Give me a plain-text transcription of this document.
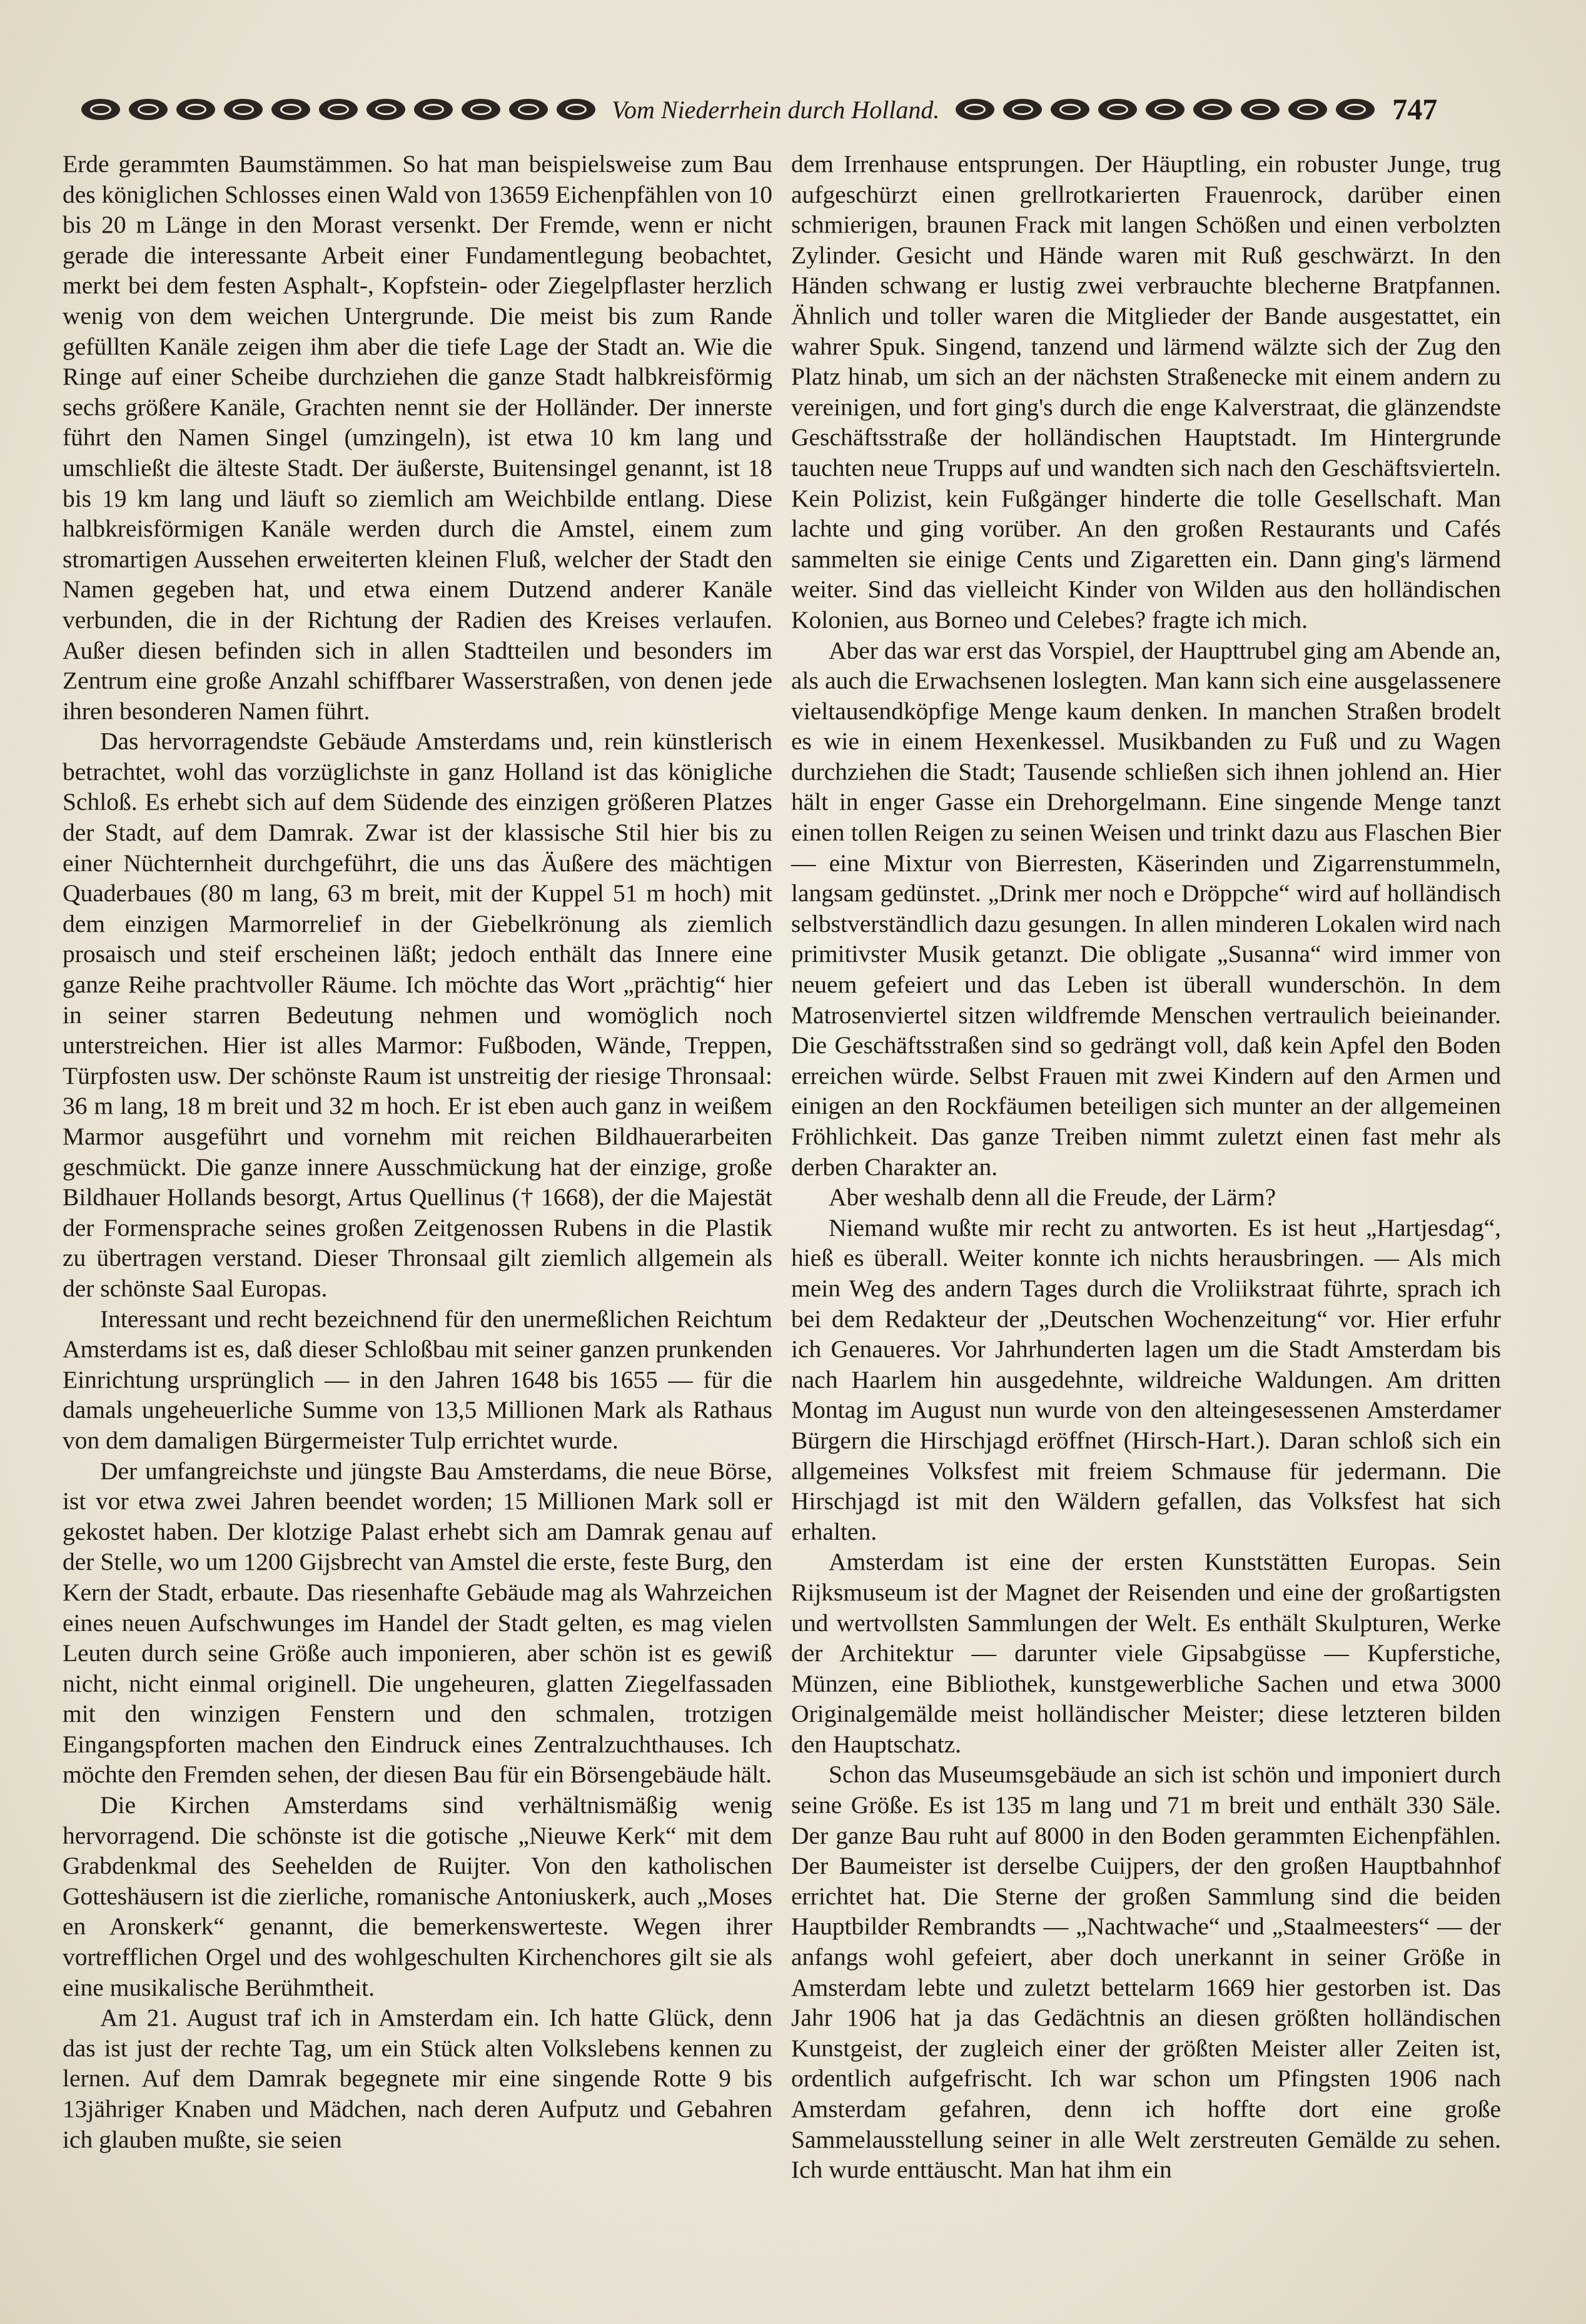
Vom Niederrhein durch Holland.	747

Erde gerammten Baumstämmen. So hat man beispielsweise zum Bau des königlichen Schlosses einen Wald von 13659 Eichenpfählen von 10 bis 20 m Länge in den Morast versenkt. Der Fremde, wenn er nicht gerade die interessante Arbeit einer Fundamentlegung beobachtet, merkt bei dem festen Asphalt-, Kopfstein- oder Ziegelpflaster herzlich wenig von dem weichen Untergrunde. Die meist bis zum Rande gefüllten Kanäle zeigen ihm aber die tiefe Lage der Stadt an. Wie die Ringe auf einer Scheibe durchziehen die ganze Stadt halbkreisförmig sechs größere Kanäle, Grachten nennt sie der Holländer. Der innerste führt den Namen Singel (umzingeln), ist etwa 10 km lang und umschließt die älteste Stadt. Der äußerste, Buitensingel genannt, ist 18 bis 19 km lang und läuft so ziemlich am Weichbilde entlang. Diese halbkreisförmigen Kanäle werden durch die Amstel, einem zum stromartigen Aussehen erweiterten kleinen Fluß, welcher der Stadt den Namen gegeben hat, und etwa einem Dutzend anderer Kanäle verbunden, die in der Richtung der Radien des Kreises verlaufen. Außer diesen befinden sich in allen Stadtteilen und besonders im Zentrum eine große Anzahl schiffbarer Wasserstraßen, von denen jede ihren besonderen Namen führt.

Das hervorragendste Gebäude Amsterdams und, rein künstlerisch betrachtet, wohl das vorzüglichste in ganz Holland ist das königliche Schloß. Es erhebt sich auf dem Südende des einzigen größeren Platzes der Stadt, auf dem Damrak. Zwar ist der klassische Stil hier bis zu einer Nüchternheit durchgeführt, die uns das Äußere des mächtigen Quaderbaues (80 m lang, 63 m breit, mit der Kuppel 51 m hoch) mit dem einzigen Marmorrelief in der Giebelkrönung als ziemlich prosaisch und steif erscheinen läßt; jedoch enthält das Innere eine ganze Reihe prachtvoller Räume. Ich möchte das Wort „prächtig“ hier in seiner starren Bedeutung nehmen und womöglich noch unterstreichen. Hier ist alles Marmor: Fußboden, Wände, Treppen, Türpfosten usw. Der schönste Raum ist unstreitig der riesige Thronsaal: 36 m lang, 18 m breit und 32 m hoch. Er ist eben auch ganz in weißem Marmor ausgeführt und vornehm mit reichen Bildhauerarbeiten geschmückt. Die ganze innere Ausschmückung hat der einzige, große Bildhauer Hollands besorgt, Artus Quellinus († 1668), der die Majestät der Formensprache seines großen Zeitgenossen Rubens in die Plastik zu übertragen verstand. Dieser Thronsaal gilt ziemlich allgemein als der schönste Saal Europas.

Interessant und recht bezeichnend für den unermeßlichen Reichtum Amsterdams ist es, daß dieser Schloßbau mit seiner ganzen prunkenden Einrichtung ursprünglich — in den Jahren 1648 bis 1655 — für die damals ungeheuerliche Summe von 13,5 Millionen Mark als Rathaus von dem damaligen Bürgermeister Tulp errichtet wurde.

Der umfangreichste und jüngste Bau Amsterdams, die neue Börse, ist vor etwa zwei Jahren beendet worden; 15 Millionen Mark soll er gekostet haben. Der klotzige Palast erhebt sich am Damrak genau auf der Stelle, wo um 1200 Gijsbrecht van Amstel die erste, feste Burg, den Kern der Stadt, erbaute. Das riesenhafte Gebäude mag als Wahrzeichen eines neuen Aufschwunges im Handel der Stadt gelten, es mag vielen Leuten durch seine Größe auch imponieren, aber schön ist es gewiß nicht, nicht einmal originell. Die ungeheuren, glatten Ziegelfassaden mit den winzigen Fenstern und den schmalen, trotzigen Eingangspforten machen den Eindruck eines Zentralzuchthauses. Ich möchte den Fremden sehen, der diesen Bau für ein Börsengebäude hält.

Die Kirchen Amsterdams sind verhältnismäßig wenig hervorragend. Die schönste ist die gotische „Nieuwe Kerk“ mit dem Grabdenkmal des Seehelden de Ruijter. Von den katholischen Gotteshäusern ist die zierliche, romanische Antoniuskerk, auch „Moses en Aronskerk“ genannt, die bemerkenswerteste. Wegen ihrer vortrefflichen Orgel und des wohlgeschulten Kirchenchores gilt sie als eine musikalische Berühmtheit.

Am 21. August traf ich in Amsterdam ein. Ich hatte Glück, denn das ist just der rechte Tag, um ein Stück alten Volkslebens kennen zu lernen. Auf dem Damrak begegnete mir eine singende Rotte 9 bis 13jähriger Knaben und Mädchen, nach deren Aufputz und Gebahren ich glauben mußte, sie seien

dem Irrenhause entsprungen. Der Häuptling, ein robuster Junge, trug aufgeschürzt einen grellrotkarierten Frauenrock, darüber einen schmierigen, braunen Frack mit langen Schößen und einen verbolzten Zylinder. Gesicht und Hände waren mit Ruß geschwärzt. In den Händen schwang er lustig zwei verbrauchte blecherne Bratpfannen. Ähnlich und toller waren die Mitglieder der Bande ausgestattet, ein wahrer Spuk. Singend, tanzend und lärmend wälzte sich der Zug den Platz hinab, um sich an der nächsten Straßenecke mit einem andern zu vereinigen, und fort ging's durch die enge Kalverstraat, die glänzendste Geschäftsstraße der holländischen Hauptstadt. Im Hintergrunde tauchten neue Trupps auf und wandten sich nach den Geschäftsvierteln. Kein Polizist, kein Fußgänger hinderte die tolle Gesellschaft. Man lachte und ging vorüber. An den großen Restaurants und Cafés sammelten sie einige Cents und Zigaretten ein. Dann ging's lärmend weiter. Sind das vielleicht Kinder von Wilden aus den holländischen Kolonien, aus Borneo und Celebes? fragte ich mich.

Aber das war erst das Vorspiel, der Haupttrubel ging am Abende an, als auch die Erwachsenen loslegten. Man kann sich eine ausgelassenere vieltausendköpfige Menge kaum denken. In manchen Straßen brodelt es wie in einem Hexenkessel. Musikbanden zu Fuß und zu Wagen durchziehen die Stadt; Tausende schließen sich ihnen johlend an. Hier hält in enger Gasse ein Drehorgelmann. Eine singende Menge tanzt einen tollen Reigen zu seinen Weisen und trinkt dazu aus Flaschen Bier — eine Mixtur von Bierresten, Käserinden und Zigarrenstummeln, langsam gedünstet. „Drink mer noch e Dröppche“ wird auf holländisch selbstverständlich dazu gesungen. In allen minderen Lokalen wird nach primitivster Musik getanzt. Die obligate „Susanna“ wird immer von neuem gefeiert und das Leben ist überall wunderschön. In dem Matrosenviertel sitzen wildfremde Menschen vertraulich beieinander. Die Geschäftsstraßen sind so gedrängt voll, daß kein Apfel den Boden erreichen würde. Selbst Frauen mit zwei Kindern auf den Armen und einigen an den Rockfäumen beteiligen sich munter an der allgemeinen Fröhlichkeit. Das ganze Treiben nimmt zuletzt einen fast mehr als derben Charakter an.

Aber weshalb denn all die Freude, der Lärm?

Niemand wußte mir recht zu antworten. Es ist heut „Hartjesdag“, hieß es überall. Weiter konnte ich nichts herausbringen. — Als mich mein Weg des andern Tages durch die Vroliikstraat führte, sprach ich bei dem Redakteur der „Deutschen Wochenzeitung“ vor. Hier erfuhr ich Genaueres. Vor Jahrhunderten lagen um die Stadt Amsterdam bis nach Haarlem hin ausgedehnte, wildreiche Waldungen. Am dritten Montag im August nun wurde von den alteingesessenen Amsterdamer Bürgern die Hirschjagd eröffnet (Hirsch-Hart.). Daran schloß sich ein allgemeines Volksfest mit freiem Schmause für jedermann. Die Hirschjagd ist mit den Wäldern gefallen, das Volksfest hat sich erhalten.

Amsterdam ist eine der ersten Kunststätten Europas. Sein Rijksmuseum ist der Magnet der Reisenden und eine der großartigsten und wertvollsten Sammlungen der Welt. Es enthält Skulpturen, Werke der Architektur — darunter viele Gipsabgüsse — Kupferstiche, Münzen, eine Bibliothek, kunstgewerbliche Sachen und etwa 3000 Originalgemälde meist holländischer Meister; diese letzteren bilden den Hauptschatz.

Schon das Museumsgebäude an sich ist schön und imponiert durch seine Größe. Es ist 135 m lang und 71 m breit und enthält 330 Säle. Der ganze Bau ruht auf 8000 in den Boden gerammten Eichenpfählen. Der Baumeister ist derselbe Cuijpers, der den großen Hauptbahnhof errichtet hat. Die Sterne der großen Sammlung sind die beiden Hauptbilder Rembrandts — „Nachtwache“ und „Staalmeesters“ — der anfangs wohl gefeiert, aber doch unerkannt in seiner Größe in Amsterdam lebte und zuletzt bettelarm 1669 hier gestorben ist. Das Jahr 1906 hat ja das Gedächtnis an diesen größten holländischen Kunstgeist, der zugleich einer der größten Meister aller Zeiten ist, ordentlich aufgefrischt. Ich war schon um Pfingsten 1906 nach Amsterdam gefahren, denn ich hoffte dort eine große Sammelausstellung seiner in alle Welt zerstreuten Gemälde zu sehen. Ich wurde enttäuscht. Man hat ihm ein
